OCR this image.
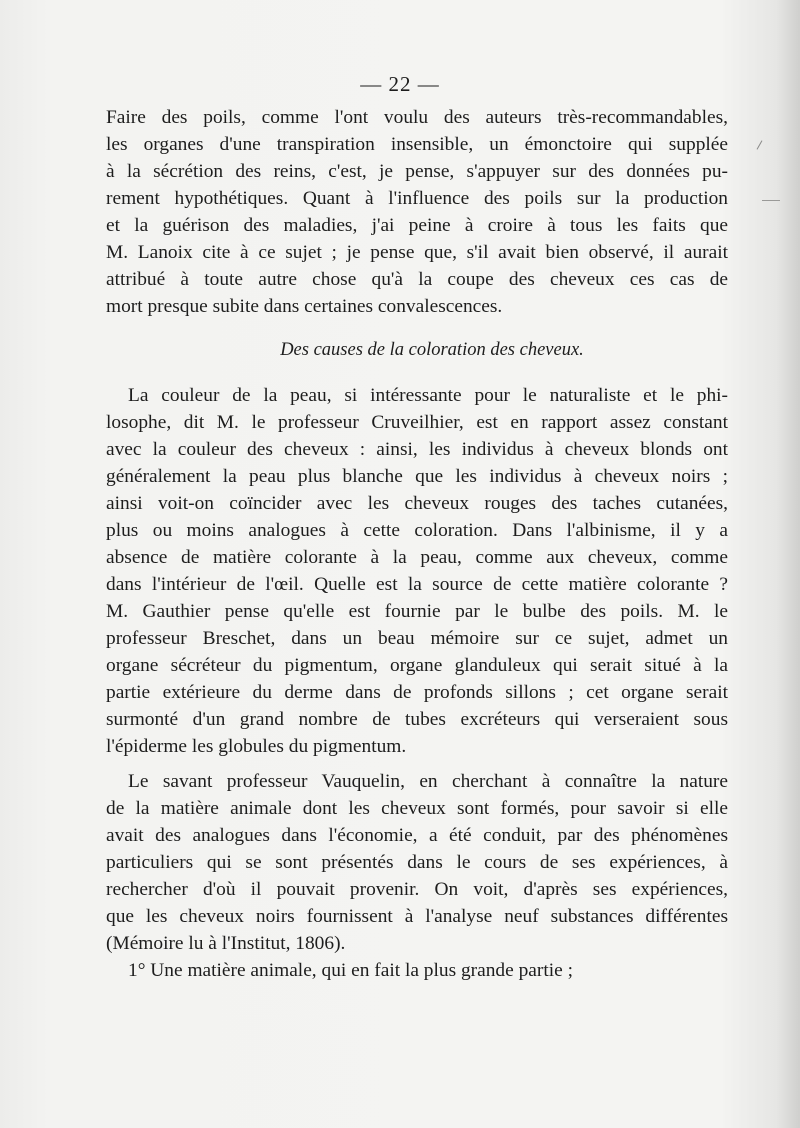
— 22 —
Faire des poils, comme l'ont voulu des auteurs très-recommandables,
les organes d'une transpiration insensible, un émonctoire qui supplée
à la sécrétion des reins, c'est, je pense, s'appuyer sur des données pu-
rement hypothétiques. Quant à l'influence des poils sur la production
et la guérison des maladies, j'ai peine à croire à tous les faits que
M. Lanoix cite à ce sujet ; je pense que, s'il avait bien observé, il aurait
attribué à toute autre chose qu'à la coupe des cheveux ces cas de
mort presque subite dans certaines convalescences.
Des causes de la coloration des cheveux.
La couleur de la peau, si intéressante pour le naturaliste et le phi-
losophe, dit M. le professeur Cruveilhier, est en rapport assez constant
avec la couleur des cheveux : ainsi, les individus à cheveux blonds ont
généralement la peau plus blanche que les individus à cheveux noirs ;
ainsi voit-on coïncider avec les cheveux rouges des taches cutanées,
plus ou moins analogues à cette coloration. Dans l'albinisme, il y a
absence de matière colorante à la peau, comme aux cheveux, comme
dans l'intérieur de l'œil. Quelle est la source de cette matière colorante ?
M. Gauthier pense qu'elle est fournie par le bulbe des poils. M. le
professeur Breschet, dans un beau mémoire sur ce sujet, admet un
organe sécréteur du pigmentum, organe glanduleux qui serait situé à la
partie extérieure du derme dans de profonds sillons ; cet organe serait
surmonté d'un grand nombre de tubes excréteurs qui verseraient sous
l'épiderme les globules du pigmentum.
Le savant professeur Vauquelin, en cherchant à connaître la nature
de la matière animale dont les cheveux sont formés, pour savoir si elle
avait des analogues dans l'économie, a été conduit, par des phénomènes
particuliers qui se sont présentés dans le cours de ses expériences, à
rechercher d'où il pouvait provenir. On voit, d'après ses expériences,
que les cheveux noirs fournissent à l'analyse neuf substances différentes
(Mémoire lu à l'Institut, 1806).
1° Une matière animale, qui en fait la plus grande partie ;
